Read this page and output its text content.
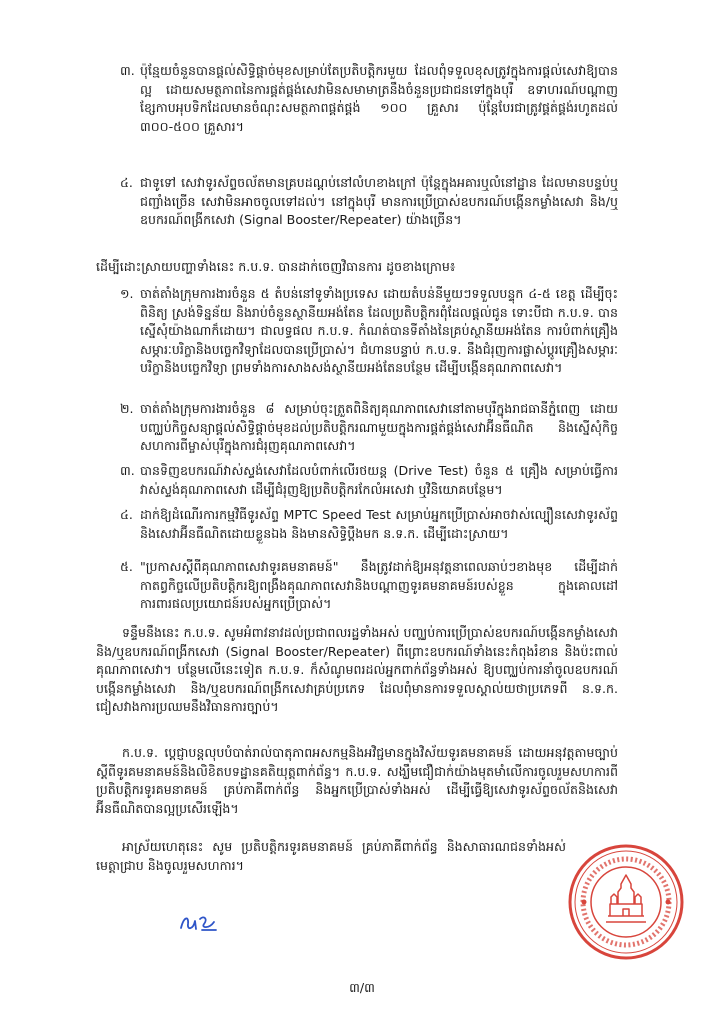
៣. ប៉ុន្មែយចំនួនបានផ្តល់សិទ្ធិផ្តាច់មុខសម្រាប់តែប្រតិបត្តិករមួយ ដែលពុំទទួលខុសត្រូវក្នុងការផ្តល់សេវាឱ្យបានល្អ ដោយសមត្ថភាពនៃការផ្គត់ផ្គង់សេវាមិនសមាមាត្រនឹងចំនួនប្រជាជនទៅក្នុងបុរី ឧទាហរណ៍បណ្តាញខ្សែកាបអុបទិកដែលមានចំណុះសមត្ថភាពផ្គត់ផ្គង់ ១០០ គ្រួសារ ប៉ុន្តែបែរជាត្រូវផ្គត់ផ្គង់រហូតដល់ ៣០០-៥០០ គ្រួសារ។
៤. ជាទូទៅ សេវាទូរស័ព្ទចល័តមានគ្របដណ្តប់នៅលំហខាងក្រៅ ប៉ុន្តែក្នុងអគារឬលំនៅដ្ឋាន ដែលមានបន្ទប់ឬជញ្ជាំងច្រើន សេវាមិនអាចចូលទៅដល់។ នៅក្នុងបុរី មានការប្រើប្រាស់ឧបករណ៍បង្កើនកម្លាំងសេវា និង/ឬឧបករណ៍ពង្រីកសេវា (Signal Booster/Repeater) យ៉ាងច្រើន។
ដើម្បីដោះស្រាយបញ្ហាទាំងនេះ ក.ប.ទ. បានដាក់ចេញវិធានការ ដូចខាងក្រោម៖
១. ចាត់តាំងក្រុមការងារចំនួន ៥ តំបន់នៅទូទាំងប្រទេស ដោយតំបន់នីមួយៗទទួលបន្ទុក ៤-៥ ខេត្ត ដើម្បីចុះពិនិត្យ ស្រង់ទិន្នន័យ និងរាប់ចំនួនស្ថានីយអង់តែន ដែលប្រតិបត្តិករពុំដែលផ្តល់ជូន ទោះបីជា ក.ប.ទ. បានស្នើសុំយ៉ាងណាក៏ដោយ។ ជាលទ្ធផល ក.ប.ទ. កំណត់បានទីតាំងនៃគ្រប់ស្ថានីយអង់តែន ការបំពាក់គ្រឿងសម្ភារៈបរិក្ខានិងបច្ចេកវិទ្យាដែលបានប្រើប្រាស់។ ជំហានបន្ទាប់ ក.ប.ទ. នឹងជំរុញការផ្លាស់ប្តូរគ្រឿងសម្ភារៈបរិក្ខានិងបច្ចេកវិទ្យា ព្រមទាំងការសាងសង់ស្ថានីយអង់តែនបន្ថែម ដើម្បីបង្កើនគុណភាពសេវា។
២. ចាត់តាំងក្រុមការងារចំនួន ៨ សម្រាប់ចុះត្រួតពិនិត្យគុណភាពសេវានៅតាមបុរីក្នុងរាជធានីភ្នំពេញ ដោយបញ្ឈប់កិច្ចសន្យាផ្តល់សិទ្ធិផ្តាច់មុខដល់ប្រតិបត្តិករណាមួយក្នុងការផ្គត់ផ្គង់សេវាអ៊ីនធឺណិត និងស្នើសុំកិច្ចសហការពីម្ចាស់បុរីក្នុងការជំរុញគុណភាពសេវា។
៣. បានទិញឧបករណ៍វាស់ស្ទង់សេវាដែលបំពាក់លើរថយន្ត (Drive Test) ចំនួន ៥ គ្រឿង សម្រាប់ធ្វើការវាស់ស្ទង់គុណភាពសេវា ដើម្បីជំរុញឱ្យប្រតិបត្តិករកែលំអសេវា ឬវិនិយោគបន្ថែម។
៤. ដាក់ឱ្យដំណើរការកម្មវិធីទូរស័ព្ទ MPTC Speed Test សម្រាប់អ្នកប្រើប្រាស់អាចវាស់ល្បឿនសេវាទូរស័ព្ទនិងសេវាអ៊ីនធឺណិតដោយខ្លួនឯង និងមានសិទ្ធិប្តឹងមក ន.ទ.ក. ដើម្បីដោះស្រាយ។
៥. "ប្រកាសស្តីពីគុណភាពសេវាទូរគមនាគមន៍" នឹងត្រូវដាក់ឱ្យអនុវត្តនាពេលឆាប់ៗខាងមុខ ដើម្បីដាក់កាតព្វកិច្ចលើប្រតិបត្តិករឱ្យពង្រឹងគុណភាពសេវានិងបណ្តាញទូរគមនាគមន៍របស់ខ្លួន ក្នុងគោលដៅការពារផលប្រយោជន៍របស់អ្នកប្រើប្រាស់។
ទន្ទឹមនឹងនេះ ក.ប.ទ. សូមអំពាវនាវដល់ប្រជាពលរដ្ឋទាំងអស់ បញ្ឈប់ការប្រើប្រាស់ឧបករណ៍បង្កើនកម្លាំងសេវា និង/ឬឧបករណ៍ពង្រីកសេវា (Signal Booster/Repeater) ពីព្រោះឧបករណ៍ទាំងនេះកំពុងរំខាន និងប៉ះពាល់គុណភាពសេវា។ បន្ថែមលើនេះទៀត ក.ប.ទ. ក៏សំណូមពរដល់អ្នកពាក់ព័ន្ធទាំងអស់ ឱ្យបញ្ឈប់ការនាំចូលឧបករណ៍បង្កើនកម្លាំងសេវា និង/ឬឧបករណ៍ពង្រីកសេវាគ្រប់ប្រភេទ ដែលពុំមានការទទួលស្គាល់យថាប្រភេទពី ន.ទ.ក. ជៀសវាងការប្រឈមនឹងវិធានការច្បាប់។
ក.ប.ទ. ប្តេជ្ញាបន្តលុបបំបាត់រាល់បាតុភាពអសកម្មនិងអវិជ្ជមានក្នុងវិស័យទូរគមនាគមន៍ ដោយអនុវត្តតាមច្បាប់ស្តីពីទូរគមនាគមន៍និងលិខិតបទដ្ឋានគតិយុត្តពាក់ព័ន្ធ។ ក.ប.ទ. សង្ឃឹមជឿជាក់យ៉ាងមុតមាំលើការចូលរួមសហការពីប្រតិបត្តិករទូរគមនាគមន៍ គ្រប់ភាគីពាក់ព័ន្ធ និងអ្នកប្រើប្រាស់ទាំងអស់ ដើម្បីធ្វើឱ្យសេវាទូរស័ព្ទចល័តនិងសេវាអ៊ីនធឺណិតបានល្អប្រសើរឡើង។
អាស្រ័យហេតុនេះ សូម ប្រតិបត្តិករទូរគមនាគមន៍ គ្រប់ភាគីពាក់ព័ន្ធ និងសាធារណជនទាំងអស់ មេត្តាជ្រាប និងចូលរួមសហការ។
៣/៣
